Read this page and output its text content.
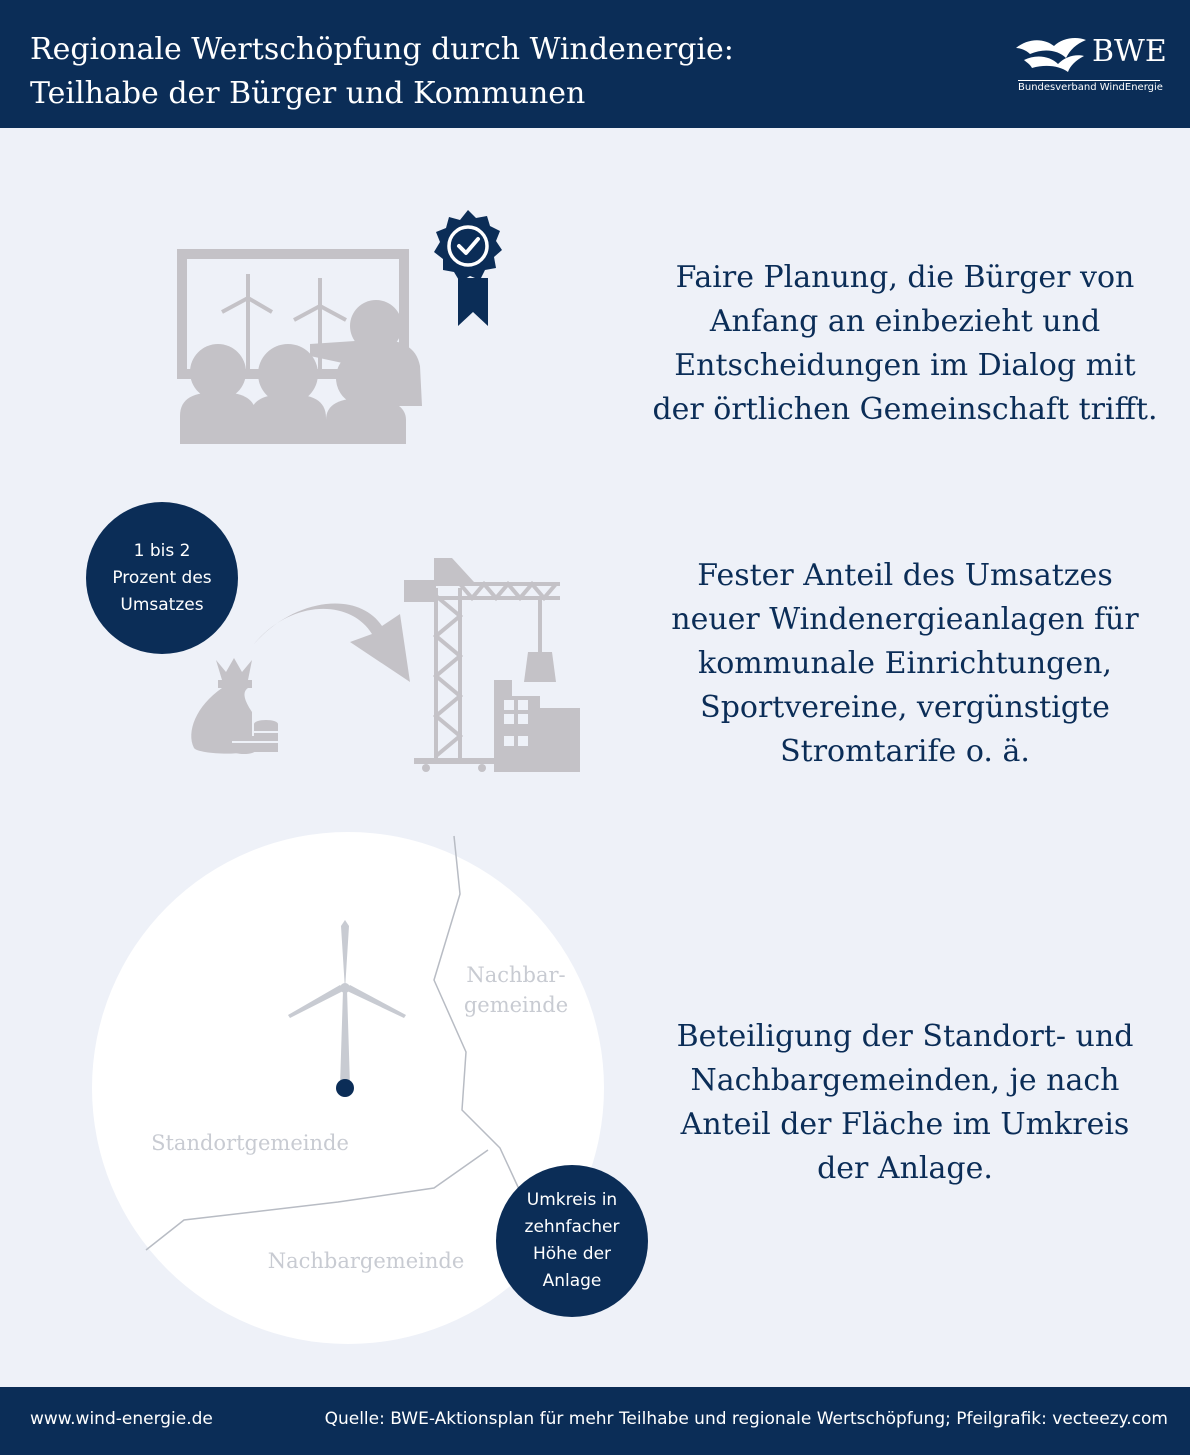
Regionale Wertschöpfung durch Windenergie:
Teilhabe der Bürger und Kommunen
BWE
Bundesverband WindEnergie
Faire Planung, die Bürger von
Anfang an einbezieht und
Entscheidungen im Dialog mit
der örtlichen Gemeinschaft trifft.
1 bis 2
Prozent des
Umsatzes
Fester Anteil des Umsatzes
neuer Windenergieanlagen für
kommunale Einrichtungen,
Sportvereine, vergünstigte
Stromtarife o. ä.
Nachbar-
gemeinde
Standortgemeinde
Nachbargemeinde
Umkreis in
zehnfacher
Höhe der
Anlage
Beteiligung der Standort- und
Nachbargemeinden, je nach
Anteil der Fläche im Umkreis
der Anlage.
www.wind-energie.de	Quelle: BWE-Aktionsplan für mehr Teilhabe und regionale Wertschöpfung; Pfeilgrafik: vecteezy.com
